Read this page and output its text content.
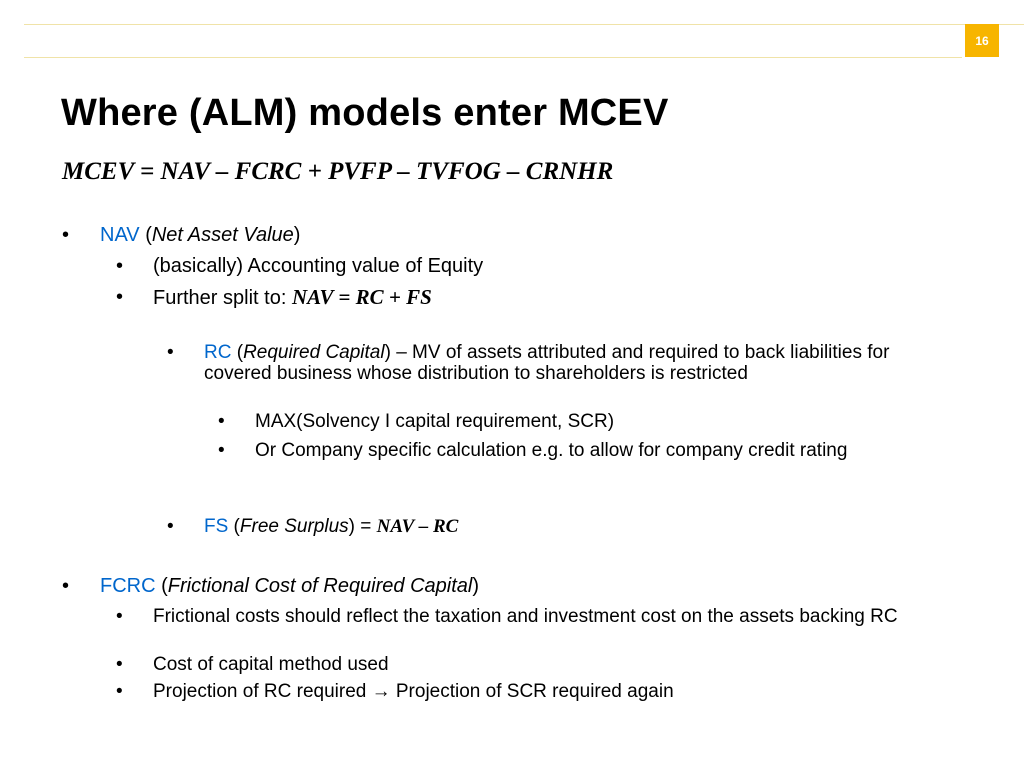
16
Where (ALM) models enter MCEV
MCEV = NAV – FCRC + PVFP – TVFOG – CRNHR
• NAV (Net Asset Value)
• (basically) Accounting value of Equity
• Further split to: NAV = RC + FS
• RC (Required Capital) – MV of assets attributed and required to back liabilities for covered business whose distribution to shareholders is restricted
• MAX(Solvency I capital requirement, SCR)
• Or Company specific calculation e.g. to allow for company credit rating
• FS (Free Surplus) = NAV – RC
• FCRC (Frictional Cost of Required Capital)
• Frictional costs should reflect the taxation and investment cost on the assets backing RC
• Cost of capital method used
• Projection of RC required → Projection of SCR required again
